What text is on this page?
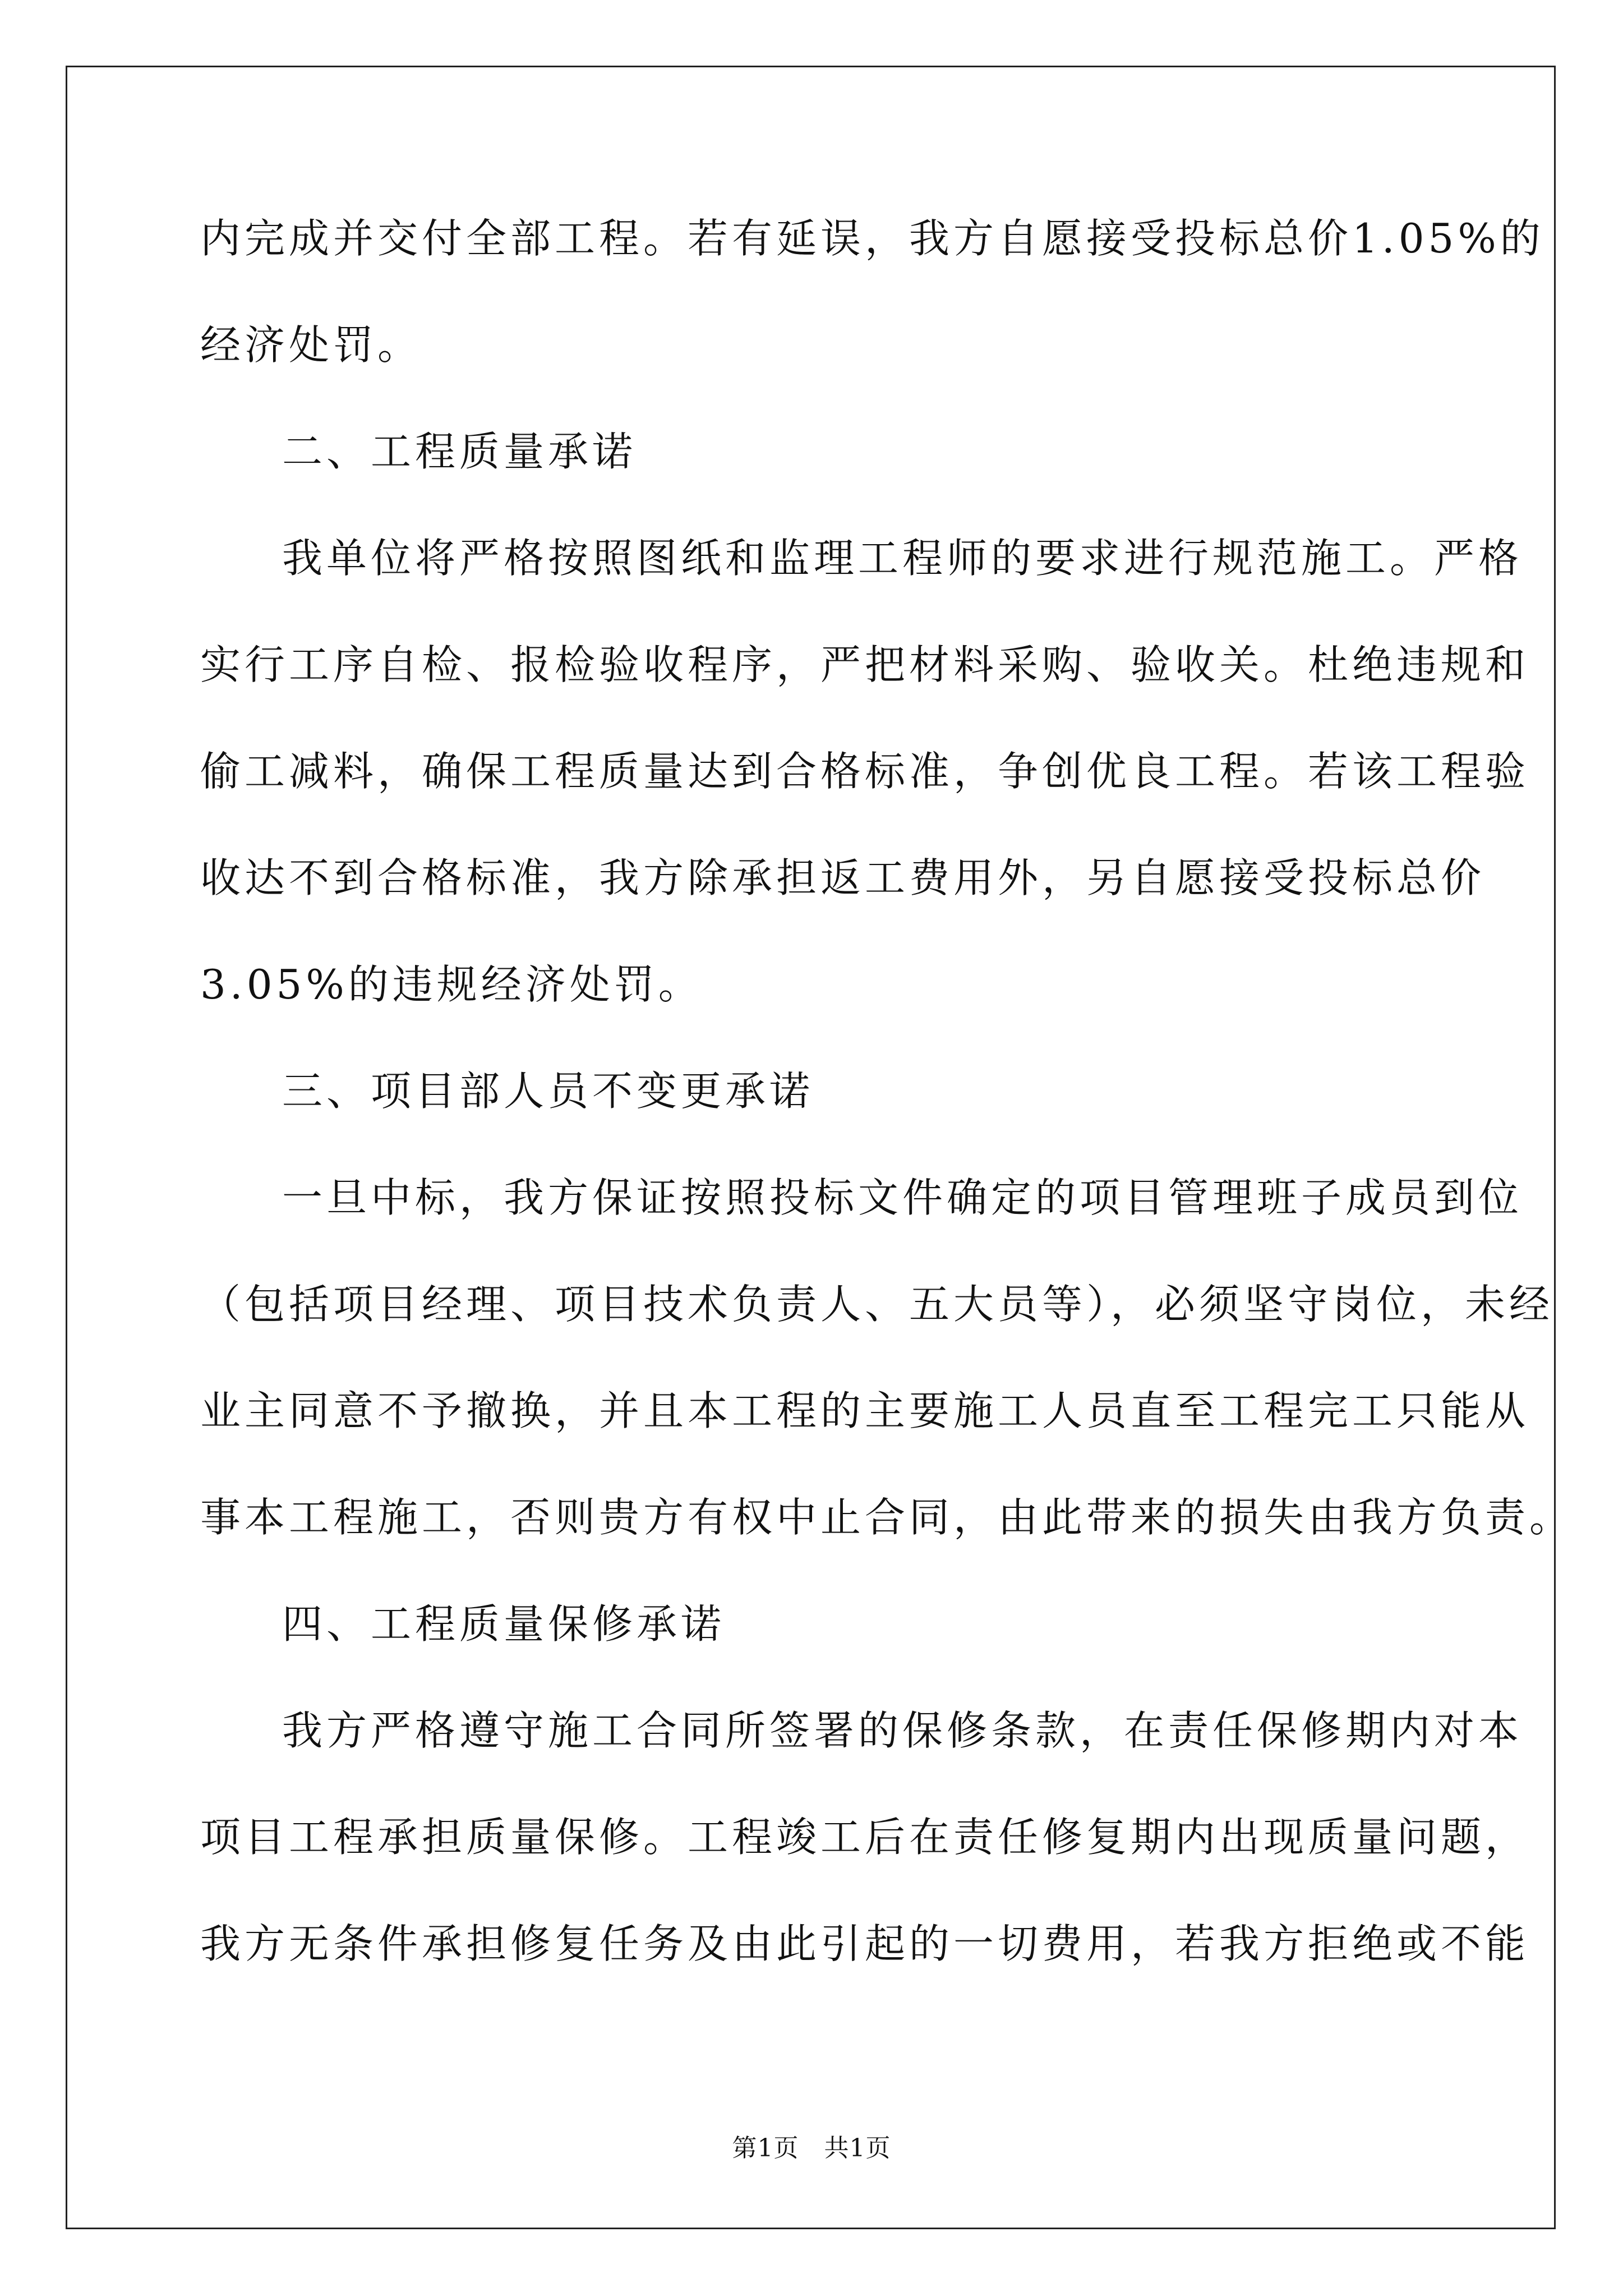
内完成并交付全部工程。若有延误，我方自愿接受投标总价1.05%的
经济处罚。
二、工程质量承诺
我单位将严格按照图纸和监理工程师的要求进行规范施工。严格
实行工序自检、报检验收程序，严把材料采购、验收关。杜绝违规和
偷工减料，确保工程质量达到合格标准，争创优良工程。若该工程验
收达不到合格标准，我方除承担返工费用外，另自愿接受投标总价
3.05%的违规经济处罚。
三、项目部人员不变更承诺
一旦中标，我方保证按照投标文件确定的项目管理班子成员到位
（包括项目经理、项目技术负责人、五大员等），必须坚守岗位，未经
业主同意不予撤换，并且本工程的主要施工人员直至工程完工只能从
事本工程施工，否则贵方有权中止合同，由此带来的损失由我方负责。
四、工程质量保修承诺
我方严格遵守施工合同所签署的保修条款，在责任保修期内对本
项目工程承担质量保修。工程竣工后在责任修复期内出现质量问题，
我方无条件承担修复任务及由此引起的一切费用，若我方拒绝或不能
第1页   共1页
